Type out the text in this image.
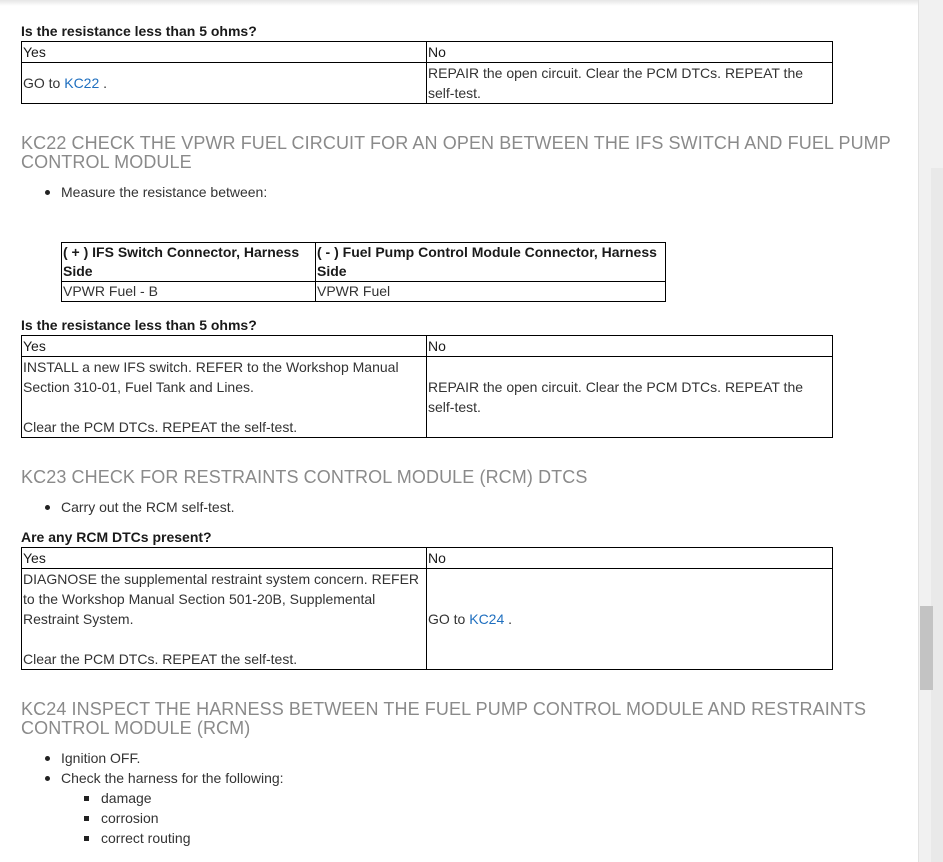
Is the resistance less than 5 ohms?

Yes	No
GO to KC22 .	REPAIR the open circuit. Clear the PCM DTCs. REPEAT the self-test.
KC22 CHECK THE VPWR FUEL CIRCUIT FOR AN OPEN BETWEEN THE IFS SWITCH AND FUEL PUMP CONTROL MODULE
Measure the resistance between:
( + ) IFS Switch Connector, Harness Side	( - ) Fuel Pump Control Module Connector, Harness Side
VPWR Fuel - B	VPWR Fuel

Is the resistance less than 5 ohms?

Yes	No

INSTALL a new IFS switch. REFER to the Workshop Manual Section 310-01, Fuel Tank and Lines.
Clear the PCM DTCs. REPEAT the self-test.	REPAIR the open circuit. Clear the PCM DTCs. REPEAT the self-test.
KC23 CHECK FOR RESTRAINTS CONTROL MODULE (RCM) DTCS
Carry out the RCM self-test.

Are any RCM DTCs present?

Yes	No

DIAGNOSE the supplemental restraint system concern. REFER to the Workshop Manual Section 501-20B, Supplemental Restraint System.
Clear the PCM DTCs. REPEAT the self-test.	GO to KC24 .
KC24 INSPECT THE HARNESS BETWEEN THE FUEL PUMP CONTROL MODULE AND RESTRAINTS CONTROL MODULE (RCM)
Ignition OFF.
Check the harness for the following:
damage
corrosion
correct routing
